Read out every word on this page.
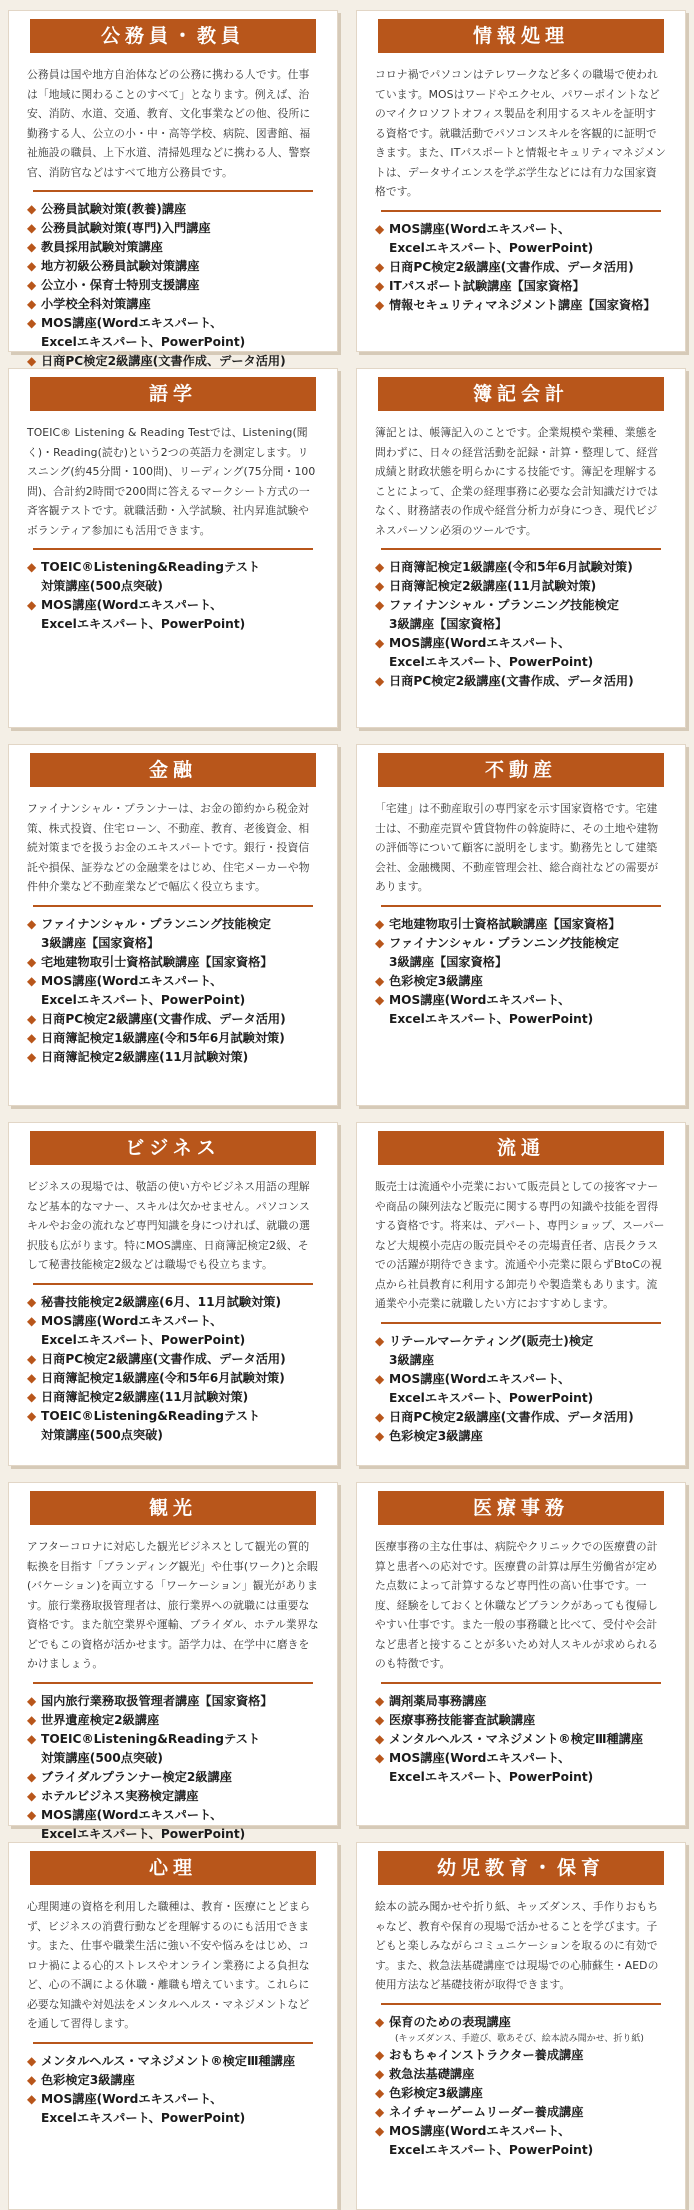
公務員・教員

公務員は国や地方自治体などの公務に携わる人です。仕事は「地域に関わることのすべて」となります。例えば、治安、消防、水道、交通、教育、文化事業などの他、役所に勤務する人、公立の小・中・高等学校、病院、図書館、福祉施設の職員、上下水道、清掃処理などに携わる人、警察官、消防官などはすべて地方公務員です。

◆ 公務員試験対策(教養)講座
◆ 公務員試験対策(専門)入門講座
◆ 教員採用試験対策講座
◆ 地方初級公務員試験対策講座
◆ 公立小・保育士特別支援講座
◆ 小学校全科対策講座
◆ MOS講座(Wordエキスパート、
Excelエキスパート、PowerPoint)
◆ 日商PC検定2級講座(文書作成、データ活用)
情報処理

コロナ禍でパソコンはテレワークなど多くの職場で使われています。MOSはワードやエクセル、パワーポイントなどのマイクロソフトオフィス製品を利用するスキルを証明する資格です。就職活動でパソコンスキルを客観的に証明できます。また、ITパスポートと情報セキュリティマネジメントは、データサイエンスを学ぶ学生などには有力な国家資格です。

◆ MOS講座(Wordエキスパート、
Excelエキスパート、PowerPoint)
◆ 日商PC検定2級講座(文書作成、データ活用)
◆ ITパスポート試験講座【国家資格】
◆ 情報セキュリティマネジメント講座【国家資格】
語学

TOEIC® Listening & Reading Testでは、Listening(聞く)・Reading(読む)という2つの英語力を測定します。リスニング(約45分間・100問)、リーディング(75分間・100問)、合計約2時間で200問に答えるマークシート方式の一斉客観テストです。就職活動・入学試験、社内昇進試験やボランティア参加にも活用できます。

◆ TOEIC®Listening&Readingテスト
対策講座(500点突破)
◆ MOS講座(Wordエキスパート、
Excelエキスパート、PowerPoint)
簿記会計

簿記とは、帳簿記入のことです。企業規模や業種、業態を問わずに、日々の経営活動を記録・計算・整理して、経営成績と財政状態を明らかにする技能です。簿記を理解することによって、企業の経理事務に必要な会計知識だけではなく、財務諸表の作成や経営分析力が身につき、現代ビジネスパーソン必須のツールです。

◆ 日商簿記検定1級講座(令和5年6月試験対策)
◆ 日商簿記検定2級講座(11月試験対策)
◆ ファイナンシャル・プランニング技能検定
3級講座【国家資格】
◆ MOS講座(Wordエキスパート、
Excelエキスパート、PowerPoint)
◆ 日商PC検定2級講座(文書作成、データ活用)
金融

ファイナンシャル・プランナーは、お金の節約から税金対策、株式投資、住宅ローン、不動産、教育、老後資金、相続対策までを扱うお金のエキスパートです。銀行・投資信託や損保、証券などの金融業をはじめ、住宅メーカーや物件仲介業など不動産業などで幅広く役立ちます。

◆ ファイナンシャル・プランニング技能検定
3級講座【国家資格】
◆ 宅地建物取引士資格試験講座【国家資格】
◆ MOS講座(Wordエキスパート、
Excelエキスパート、PowerPoint)
◆ 日商PC検定2級講座(文書作成、データ活用)
◆ 日商簿記検定1級講座(令和5年6月試験対策)
◆ 日商簿記検定2級講座(11月試験対策)
不動産

「宅建」は不動産取引の専門家を示す国家資格です。宅建士は、不動産売買や賃貸物件の斡旋時に、その土地や建物の評価等について顧客に説明をします。勤務先として建築会社、金融機関、不動産管理会社、総合商社などの需要があります。

◆ 宅地建物取引士資格試験講座【国家資格】
◆ ファイナンシャル・プランニング技能検定
3級講座【国家資格】
◆ 色彩検定3級講座
◆ MOS講座(Wordエキスパート、
Excelエキスパート、PowerPoint)
ビジネス

ビジネスの現場では、敬語の使い方やビジネス用語の理解など基本的なマナー、スキルは欠かせません。パソコンスキルやお金の流れなど専門知識を身につければ、就職の選択肢も広がります。特にMOS講座、日商簿記検定2級、そして秘書技能検定2級などは職場でも役立ちます。

◆ 秘書技能検定2級講座(6月、11月試験対策)
◆ MOS講座(Wordエキスパート、
Excelエキスパート、PowerPoint)
◆ 日商PC検定2級講座(文書作成、データ活用)
◆ 日商簿記検定1級講座(令和5年6月試験対策)
◆ 日商簿記検定2級講座(11月試験対策)
◆ TOEIC®Listening&Readingテスト
対策講座(500点突破)
流通

販売士は流通や小売業において販売員としての接客マナーや商品の陳列法など販売に関する専門の知識や技能を習得する資格です。将来は、デパート、専門ショップ、スーパーなど大規模小売店の販売員やその売場責任者、店長クラスでの活躍が期待できます。流通や小売業に限らずBtoCの視点から社員教育に利用する卸売りや製造業もあります。流通業や小売業に就職したい方におすすめします。

◆ リテールマーケティング(販売士)検定
3級講座
◆ MOS講座(Wordエキスパート、
Excelエキスパート、PowerPoint)
◆ 日商PC検定2級講座(文書作成、データ活用)
◆ 色彩検定3級講座
観光

アフターコロナに対応した観光ビジネスとして観光の質的転換を目指す「ブランディング観光」や仕事(ワーク)と余暇(バケーション)を両立する「ワーケーション」観光があります。旅行業務取扱管理者は、旅行業界への就職には重要な資格です。また航空業界や運輸、ブライダル、ホテル業界などでもこの資格が活かせます。語学力は、在学中に磨きをかけましょう。

◆ 国内旅行業務取扱管理者講座【国家資格】
◆ 世界遺産検定2級講座
◆ TOEIC®Listening&Readingテスト
対策講座(500点突破)
◆ ブライダルプランナー検定2級講座
◆ ホテルビジネス実務検定講座
◆ MOS講座(Wordエキスパート、
Excelエキスパート、PowerPoint)
医療事務

医療事務の主な仕事は、病院やクリニックでの医療費の計算と患者への応対です。医療費の計算は厚生労働省が定めた点数によって計算するなど専門性の高い仕事です。一度、経験をしておくと休職などブランクがあっても復帰しやすい仕事です。また一般の事務職と比べて、受付や会計など患者と接することが多いため対人スキルが求められるのも特徴です。

◆ 調剤薬局事務講座
◆ 医療事務技能審査試験講座
◆ メンタルヘルス・マネジメント®検定Ⅲ種講座
◆ MOS講座(Wordエキスパート、
Excelエキスパート、PowerPoint)
心理

心理関連の資格を利用した職種は、教育・医療にとどまらず、ビジネスの消費行動などを理解するのにも活用できます。また、仕事や職業生活に強い不安や悩みをはじめ、コロナ禍による心的ストレスやオンライン業務による負担など、心の不調による休職・離職も増えています。これらに必要な知識や対処法をメンタルヘルス・マネジメントなどを通して習得します。

◆ メンタルヘルス・マネジメント®検定Ⅲ種講座
◆ 色彩検定3級講座
◆ MOS講座(Wordエキスパート、
Excelエキスパート、PowerPoint)
幼児教育・保育

絵本の読み聞かせや折り紙、キッズダンス、手作りおもちゃなど、教育や保育の現場で活かせることを学びます。子どもと楽しみながらコミュニケーションを取るのに有効です。また、救急法基礎講座では現場での心肺蘇生・AEDの使用方法など基礎技術が取得できます。

◆ 保育のための表現講座
(キッズダンス、手遊び、歌あそび、絵本読み聞かせ、折り紙)
◆ おもちゃインストラクター養成講座
◆ 救急法基礎講座
◆ 色彩検定3級講座
◆ ネイチャーゲームリーダー養成講座
◆ MOS講座(Wordエキスパート、
Excelエキスパート、PowerPoint)
